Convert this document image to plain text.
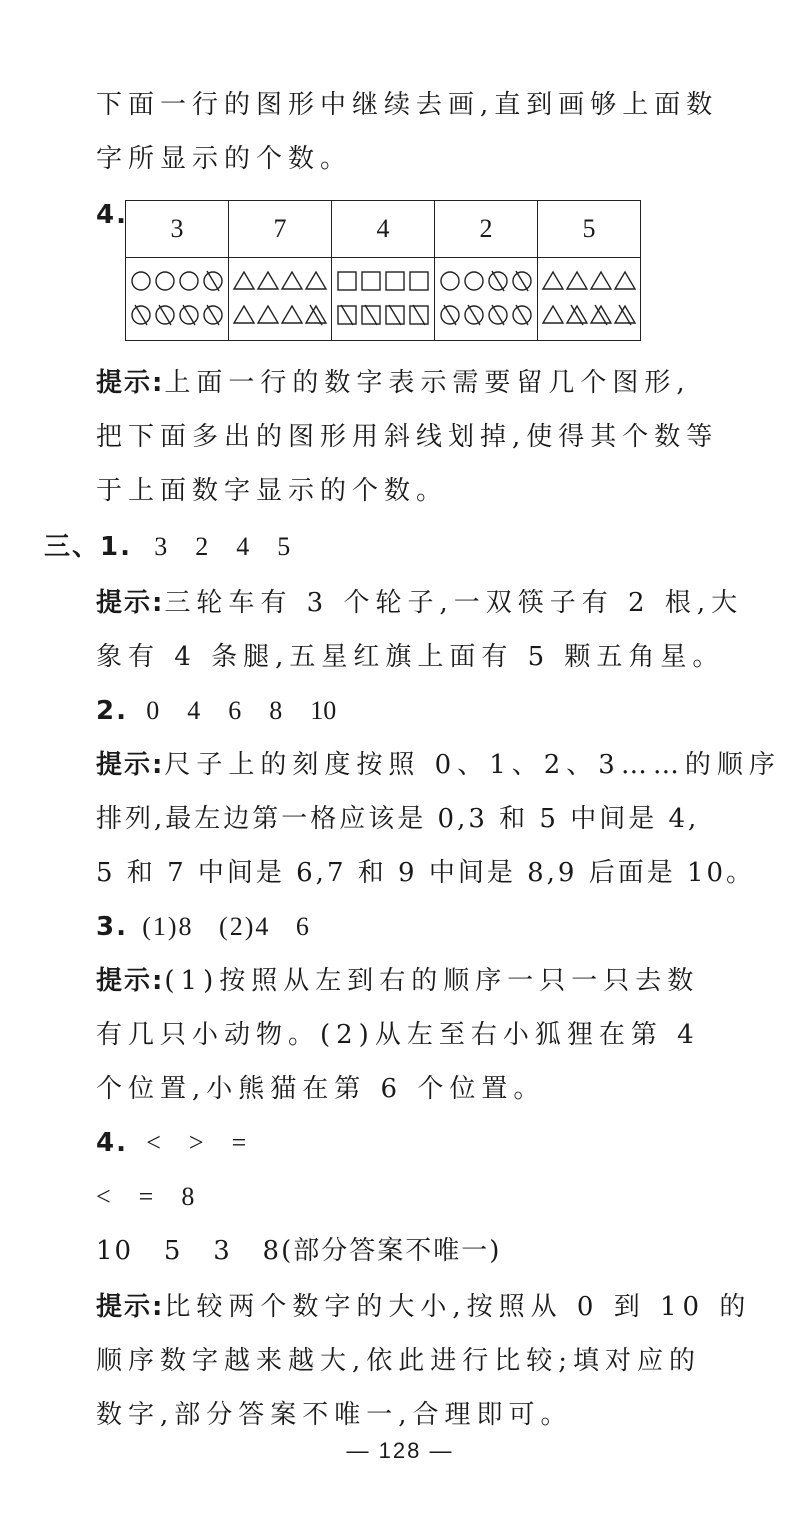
下面一行的图形中继续去画,直到画够上面数
字所显示的个数。
4. 3	7	4	2	5

提示:上面一行的数字表示需要留几个图形,
把下面多出的图形用斜线划掉,使得其个数等
于上面数字显示的个数。
三、1. 3 2 4 5
提示:三轮车有 3 个轮子,一双筷子有 2 根,大
象有 4 条腿,五星红旗上面有 5 颗五角星。
2. 0 4 6 8 10
提示:尺子上的刻度按照 0、1、2、3……的顺序
排列,最左边第一格应该是 0,3 和 5 中间是 4,
5 和 7 中间是 6,7 和 9 中间是 8,9 后面是 10。
3. (1)8   (2)4   6
提示:(1)按照从左到右的顺序一只一只去数
有几只小动物。(2)从左至右小狐狸在第 4
个位置,小熊猫在第 6 个位置。
4. < > =
< = 8
10   5   3   8(部分答案不唯一)
提示:比较两个数字的大小,按照从 0 到 10 的
顺序数字越来越大,依此进行比较;填对应的
数字,部分答案不唯一,合理即可。
— 128 —
